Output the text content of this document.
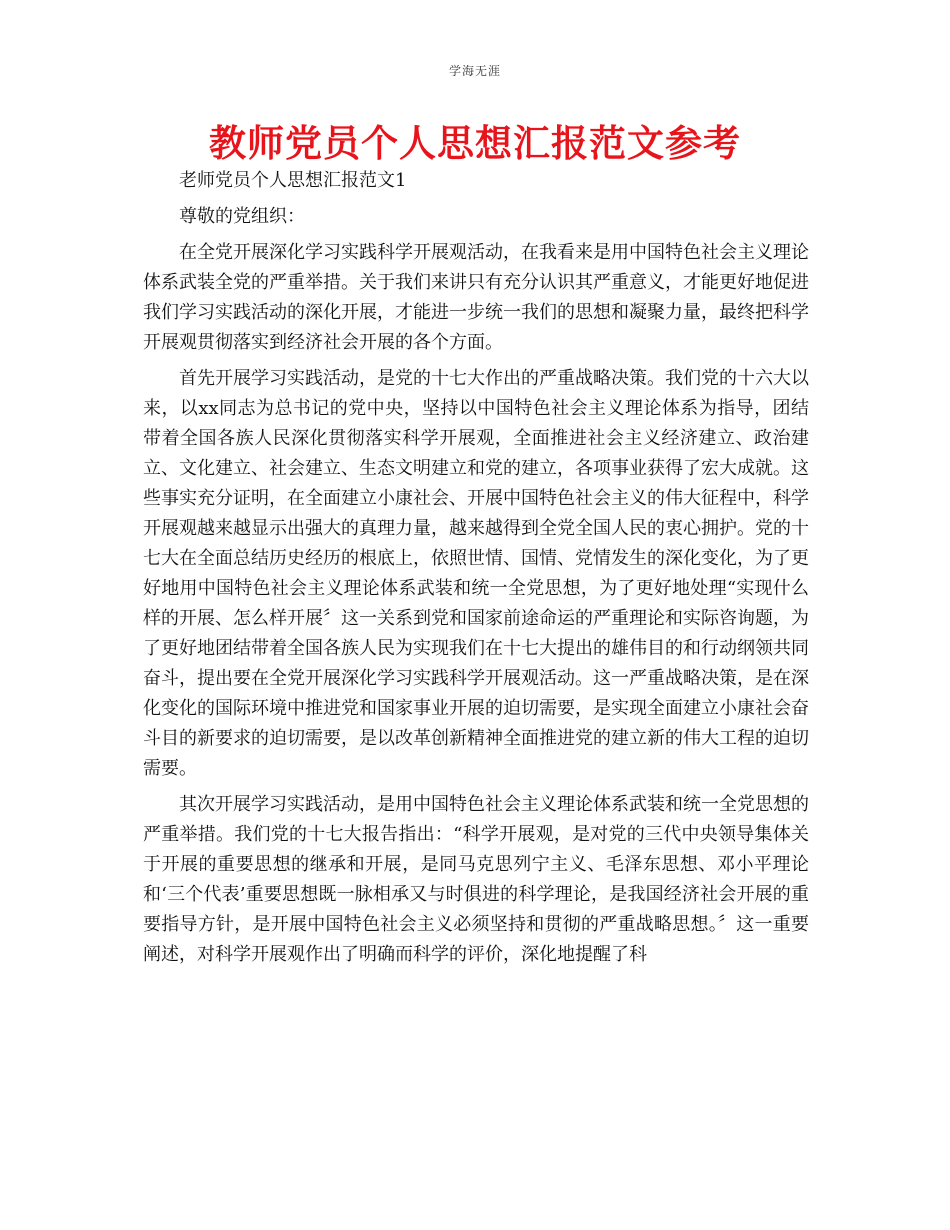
学海无涯
教师党员个人思想汇报范文参考

老师党员个人思想汇报范文1

尊敬的党组织：

在全党开展深化学习实践科学开展观活动，在我看来是用中国特色社会主义理论体系武装全党的严重举措。关于我们来讲只有充分认识其严重意义，才能更好地促进我们学习实践活动的深化开展，才能进一步统一我们的思想和凝聚力量，最终把科学开展观贯彻落实到经济社会开展的各个方面。

首先开展学习实践活动，是党的十七大作出的严重战略决策。我们党的十六大以来，以xx同志为总书记的党中央，坚持以中国特色社会主义理论体系为指导，团结带着全国各族人民深化贯彻落实科学开展观，全面推进社会主义经济建立、政治建立、文化建立、社会建立、生态文明建立和党的建立，各项事业获得了宏大成就。这些事实充分证明，在全面建立小康社会、开展中国特色社会主义的伟大征程中，科学开展观越来越显示出强大的真理力量，越来越得到全党全国人民的衷心拥护。党的十七大在全面总结历史经历的根底上，依照世情、国情、党情发生的深化变化，为了更好地用中国特色社会主义理论体系武装和统一全党思想，为了更好地处理“实现什么样的开展、怎么样开展〞这一关系到党和国家前途命运的严重理论和实际咨询题，为了更好地团结带着全国各族人民为实现我们在十七大提出的雄伟目的和行动纲领共同奋斗，提出要在全党开展深化学习实践科学开展观活动。这一严重战略决策，是在深化变化的国际环境中推进党和国家事业开展的迫切需要，是实现全面建立小康社会奋斗目的新要求的迫切需要，是以改革创新精神全面推进党的建立新的伟大工程的迫切需要。

其次开展学习实践活动，是用中国特色社会主义理论体系武装和统一全党思想的严重举措。我们党的十七大报告指出：“科学开展观，是对党的三代中央领导集体关于开展的重要思想的继承和开展，是同马克思列宁主义、毛泽东思想、邓小平理论和‘三个代表’重要思想既一脉相承又与时俱进的科学理论，是我国经济社会开展的重要指导方针，是开展中国特色社会主义必须坚持和贯彻的严重战略思想。〞这一重要阐述，对科学开展观作出了明确而科学的评价，深化地提醒了科
